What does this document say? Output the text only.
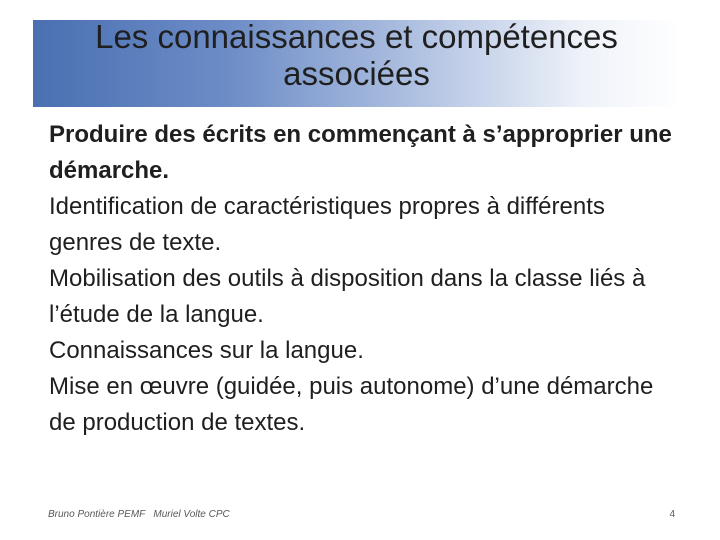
Les connaissances et compétences associées

Produire des écrits en commençant à s’approprier une démarche.

Identification de caractéristiques propres à différents genres de texte.

Mobilisation des outils à disposition dans la classe liés à l’étude de la langue.

Connaissances sur la langue.

Mise en œuvre (guidée, puis autonome) d’une démarche de production de textes.

Bruno Pontière PEMF   Muriel Volte CPC	4
